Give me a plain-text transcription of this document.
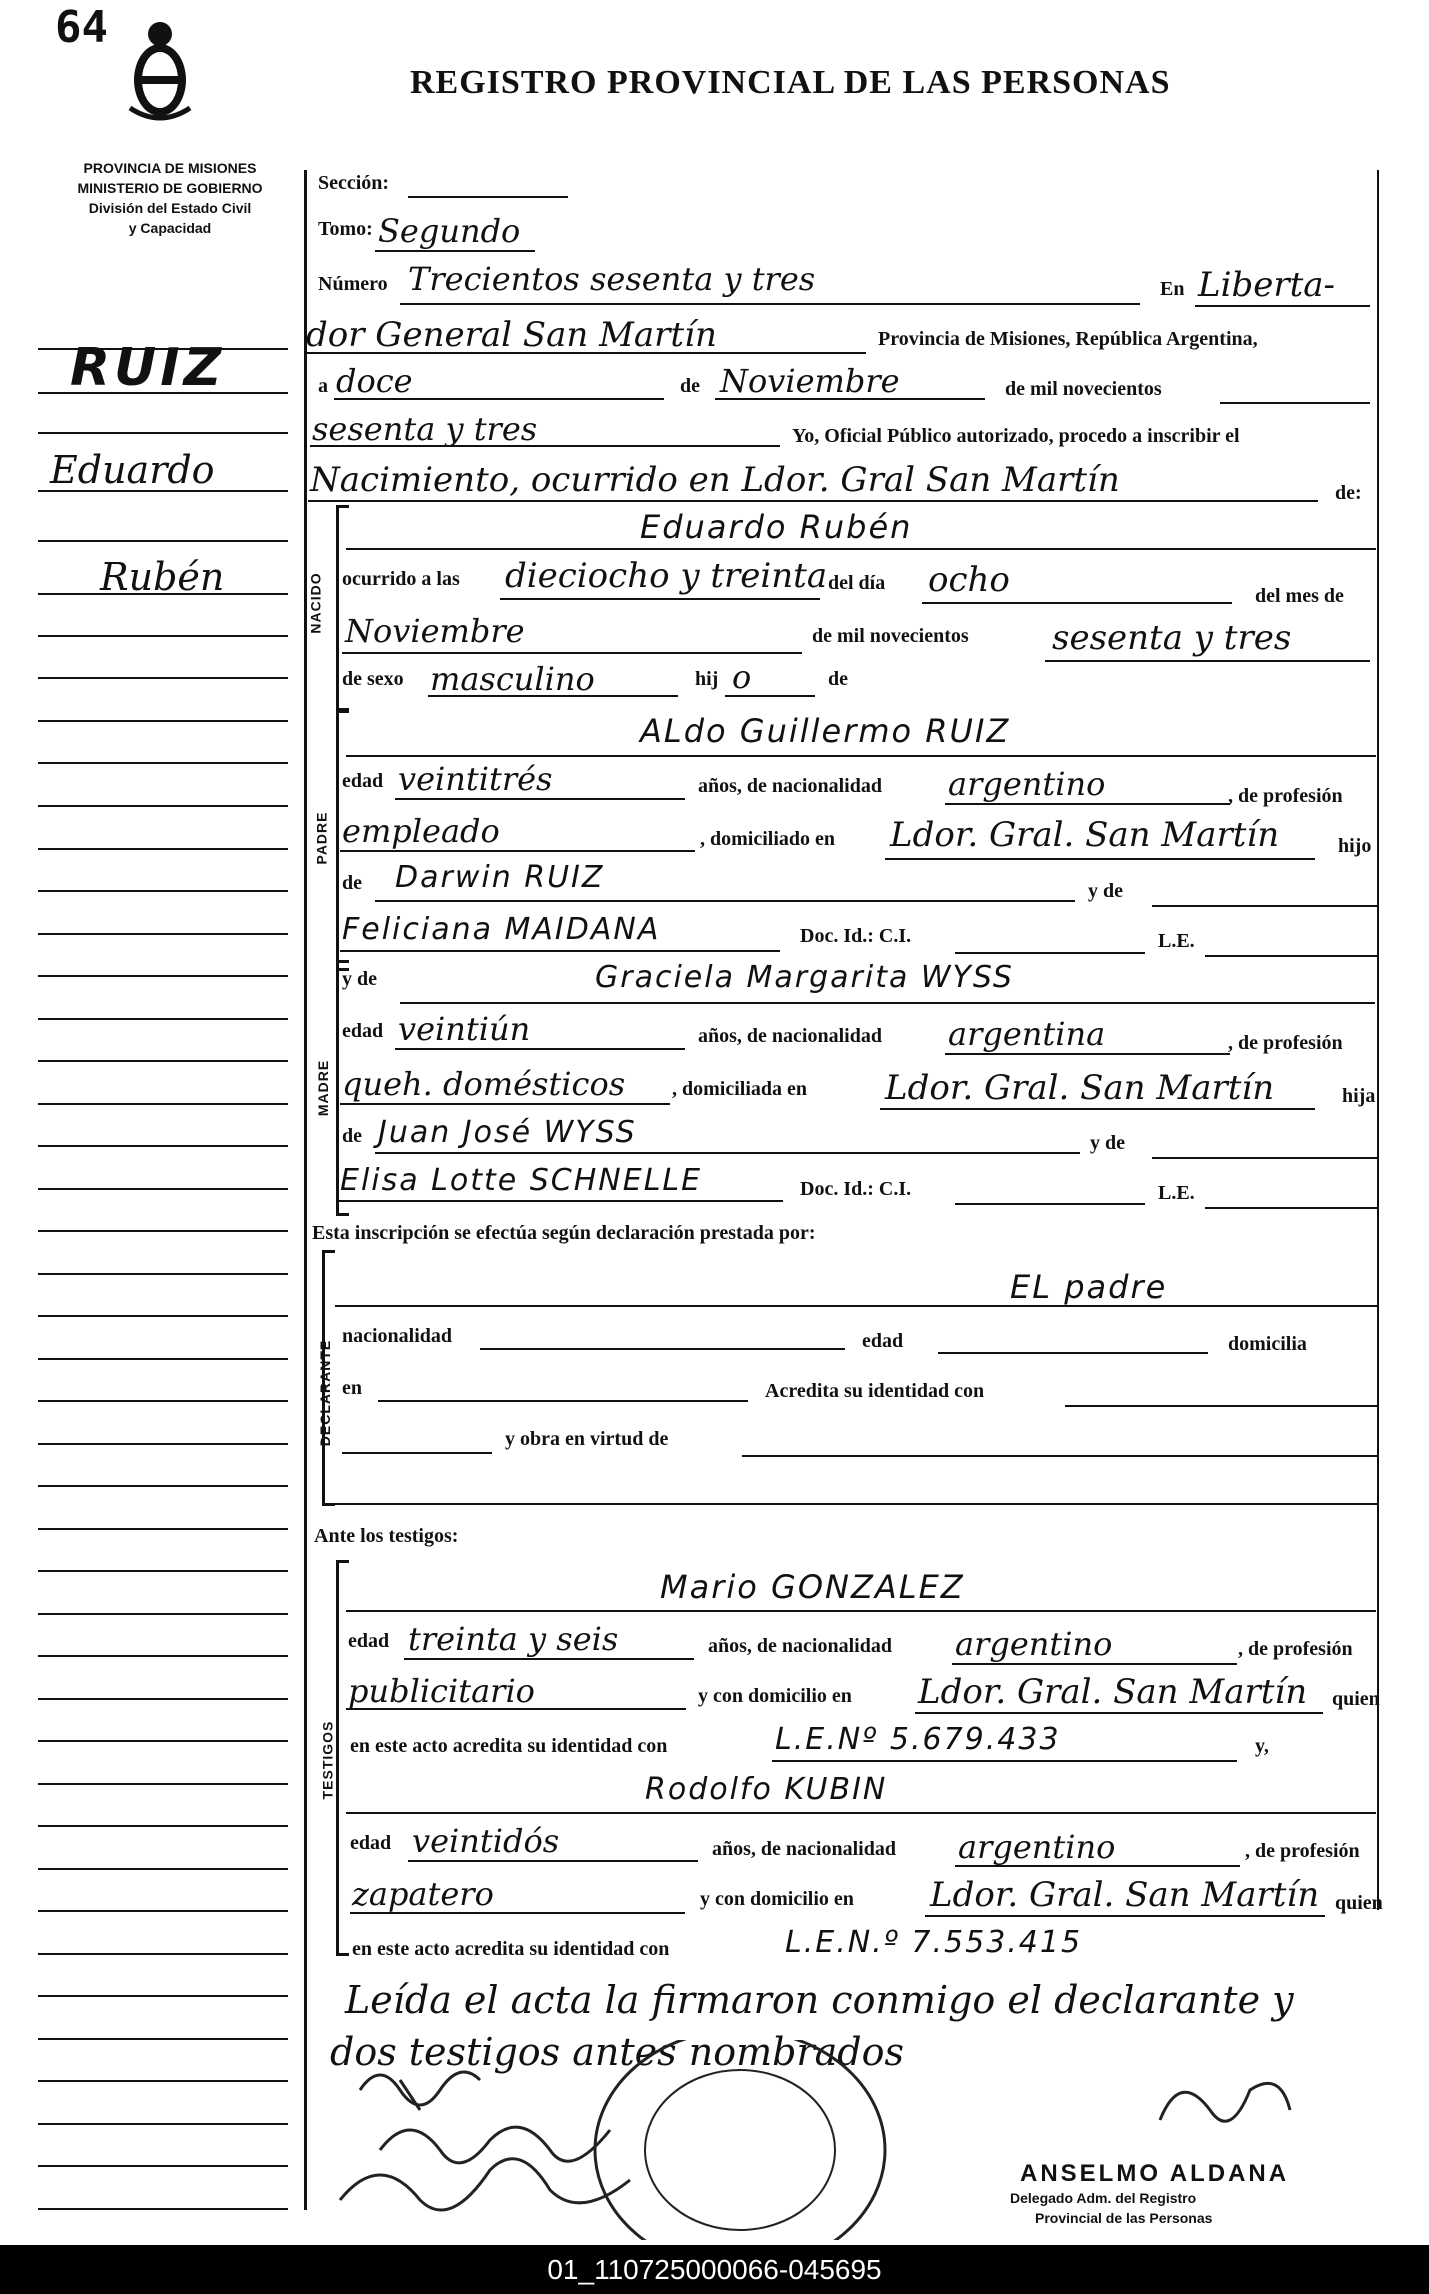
64
REGISTRO PROVINCIAL DE LAS PERSONAS
PROVINCIA DE MISIONES
MINISTERIO DE GOBIERNO
División del Estado Civil
y Capacidad
RUIZ
Eduardo
Rubén
Sección:
Tomo: Segundo
Número Trecientos sesenta y tres	En Liberta-
dor General San Martín	Provincia de Misiones, República Argentina,
a doce	de Noviembre	de mil novecientos
sesenta y tres	Yo, Oficial Público autorizado, procedo a inscribir el
Nacimiento, ocurrido en Ldor. Gral San Martín	de:
NACIDO
Eduardo Rubén
ocurrido a las dieciocho y treinta del día ocho	del mes de
Noviembre	de mil novecientos sesenta y tres
de sexo masculino	hij o	de
PADRE
ALdo Guillermo RUIZ
edad veintitrés	años, de nacionalidad argentino	, de profesión
empleado	, domiciliado en Ldor. Gral. San Martín	hijo
de Darwin RUIZ	y de
Feliciana MAIDANA	Doc. Id.: C.I.	L.E.
MADRE
y de	Graciela Margarita WYSS
edad veintiún	años, de nacionalidad argentina	, de profesión
queh. domésticos , domiciliada en Ldor. Gral. San Martín	hija
de Juan José WYSS	y de
Elisa Lotte SCHNELLE	Doc. Id.: C.I.	L.E.
Esta inscripción se efectúa según declaración prestada por:
DECLARANTE
EL padre
nacionalidad	edad	domicilia
en	Acredita su identidad con
y obra en virtud de
Ante los testigos:
TESTIGOS
Mario GONZALEZ
edad treinta y seis	años, de nacionalidad argentino	, de profesión
publicitario	y con domicilio en Ldor. Gral. San Martín quien
en este acto acredita su identidad con	L.E.Nº 5.679.433	y,
Rodolfo KUBIN
edad veintidós	años, de nacionalidad argentino	, de profesión
zapatero	y con domicilio en Ldor. Gral. San Martín quien
en este acto acredita su identidad con	L.E.N.º 7.553.415
Leída el acta la firmaron conmigo el declarante y
dos testigos antes nombrados
ANSELMO ALDANA
Delegado Adm. del Registro
Provincial de las Personas
01_110725000066-045695
